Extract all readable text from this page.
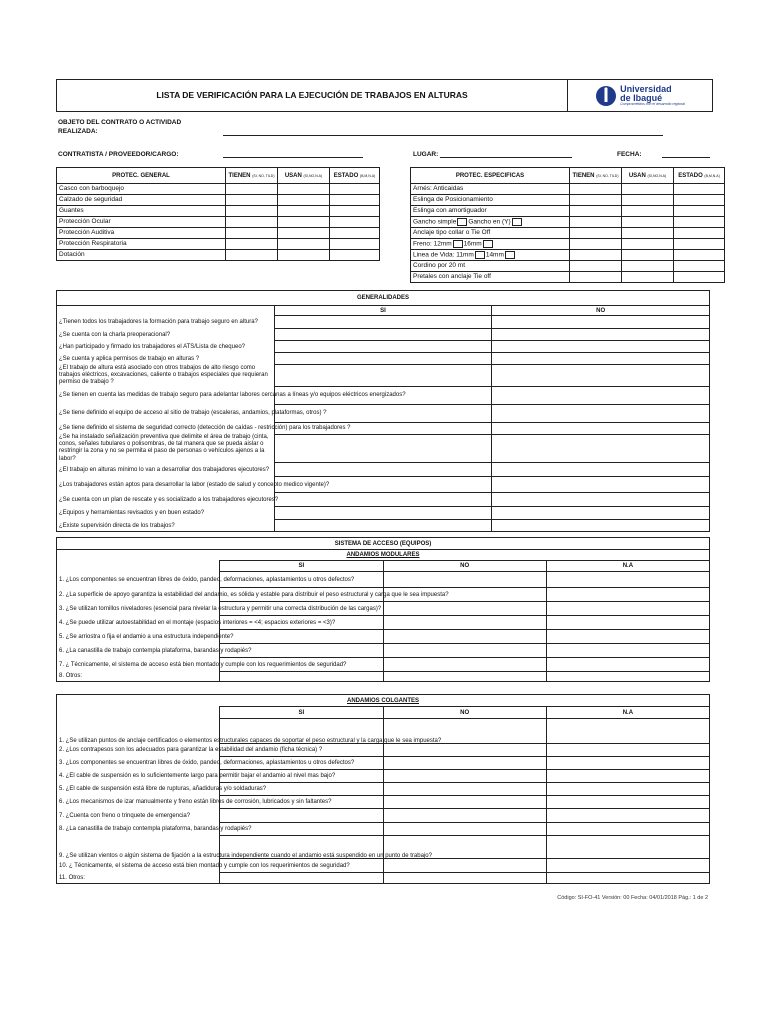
LISTA DE VERIFICACIÓN PARA LA EJECUCIÓN DE TRABAJOS EN ALTURAS	
Universidad de Ibagué
Comprometidos con el desarrollo regional
OBJETO DEL CONTRATO O ACTIVIDAD REALIZADA:
CONTRATISTA / PROVEEDOR/CARGO:	LUGAR:	FECHA:
PROTEC. GENERAL	TIENEN (SI, NO, TILD)	USAN (SI,NO,N.A)	ESTADO (B,M,N.A)
Casco con barboquejo			
Calzado de seguridad			
Guantes			
Protección Ocular			
Protección Auditiva			
Protección Respiratoria			
Dotación			
PROTEC. ESPECIFICAS	TIENEN (SI, NO, TILD)	USAN (SI,NO,N.A)	ESTADO (B,M,N.A)
Arnés: Anticaidas			
Eslinga de Posicionamiento			
Eslinga con amortiguador			
Gancho simple Gancho en (Y)			
Anclaje tipo collar o Tie Off			
Freno: 12mm 16mm			
Linea de Vida: 11mm 14mm			
Cordino por 20 mt			
Pretales con anclaje Tie off			
GENERALIDADES		
	SI	NO
¿Tienen todos los trabajadores la formación para trabajo seguro en altura?		
¿Se cuenta con la charla preoperacional?		
¿Han participado y firmado los trabajadores el ATS/Lista de chequeo?		
¿Se cuenta y aplica permisos de trabajo en alturas ?		
¿El trabajo de altura está asociado con otros trabajos de alto riesgo como trabajos eléctricos, excavaciones, caliente o trabajos especiales que requieran permiso de trabajo ?		
¿Se tienen en cuenta las medidas de trabajo seguro para adelantar labores cercanas a líneas y/o equipos eléctricos energizados?		
¿Se tiene definido el equipo de acceso al sitio de trabajo (escaleras, andamios, plataformas, otros) ?		
¿Se tiene definido el sistema de seguridad correcto (detección de caídas - restricción) para los trabajadores ?		
¿Se ha instalado señalización preventiva que delimite el área de trabajo (cinta, conos, señales tubulares o polisombras, de tal manera que se pueda aislar o restringir la zona y no se permita el paso de personas o vehículos ajenos a la labor?		
¿El trabajo en alturas mínimo lo van a desarrollar dos trabajadores ejecutores?		
¿Los trabajadores están aptos para desarrollar la labor (estado de salud y concepto medico vigente)?		
¿Se cuenta con un plan de rescate y es socializado a los trabajadores ejecutores?		
¿Equipos y herramientas revisados y en buen estado?		
¿Existe supervisión directa de los trabajos?		
SISTEMA DE ACCESO (EQUIPOS)			
ANDAMIOS MODULARES			
	SI	NO	N.A
1. ¿Los componentes se encuentran libres de óxido, pandeo, deformaciones, aplastamientos u otros defectos?			
2. ¿La superficie de apoyo garantiza la estabilidad del andamio, es sólida y estable para distribuir el peso estructural y carga que le sea impuesta?			
3. ¿Se utilizan tornillos niveladores (esencial para nivelar la estructura y permitir una correcta distribución de las cargas)?			
4. ¿Se puede utilizar autoestabilidad en el montaje (espacios interiores = <4; espacios exteriores = <3)?			
5. ¿Se arriostra o fija el andamio a una estructura independiente?			
6. ¿La canastilla de trabajo contempla plataforma, barandas y rodapiés?			
7. ¿ Técnicamente, el sistema de acceso está bien montado y cumple con los requerimientos de seguridad?			
8. Otros:			
ANDAMIOS COLGANTES			
	SI	NO	N.A
1. ¿Se utilizan puntos de anclaje certificados o elementos estructurales capaces de soportar el peso estructural y la carga que le sea impuesta?			
2. ¿Los contrapesos son los adecuados para garantizar la estabilidad del andamio (ficha técnica) ?			
3. ¿Los componentes se encuentran libres de óxido, pandeo, deformaciones, aplastamientos u otros defectos?			
4. ¿El cable de suspensión es lo suficientemente largo para permitir bajar el andamio al nivel mas bajo?			
5. ¿El cable de suspensión está libre de rupturas, añadiduras y/o soldaduras?			
6. ¿Los mecanismos de izar manualmente y freno están libres de corrosión, lubricados y sin faltantes?			
7. ¿Cuenta con freno o trinquete de emergencia?			
8. ¿La canastilla de trabajo contempla plataforma, barandas y rodapiés?			
9. ¿Se utilizan vientos o algún sistema de fijación a la estructura independiente cuando el andamio está suspendido en un punto de trabajo?			
10. ¿ Técnicamente, el sistema de acceso está bien montado y cumple con los requerimientos de seguridad?			
11. Otros:			
Código: SI-FO-41 Versión: 00 Fecha: 04/01/2018 Pág.: 1 de 2
